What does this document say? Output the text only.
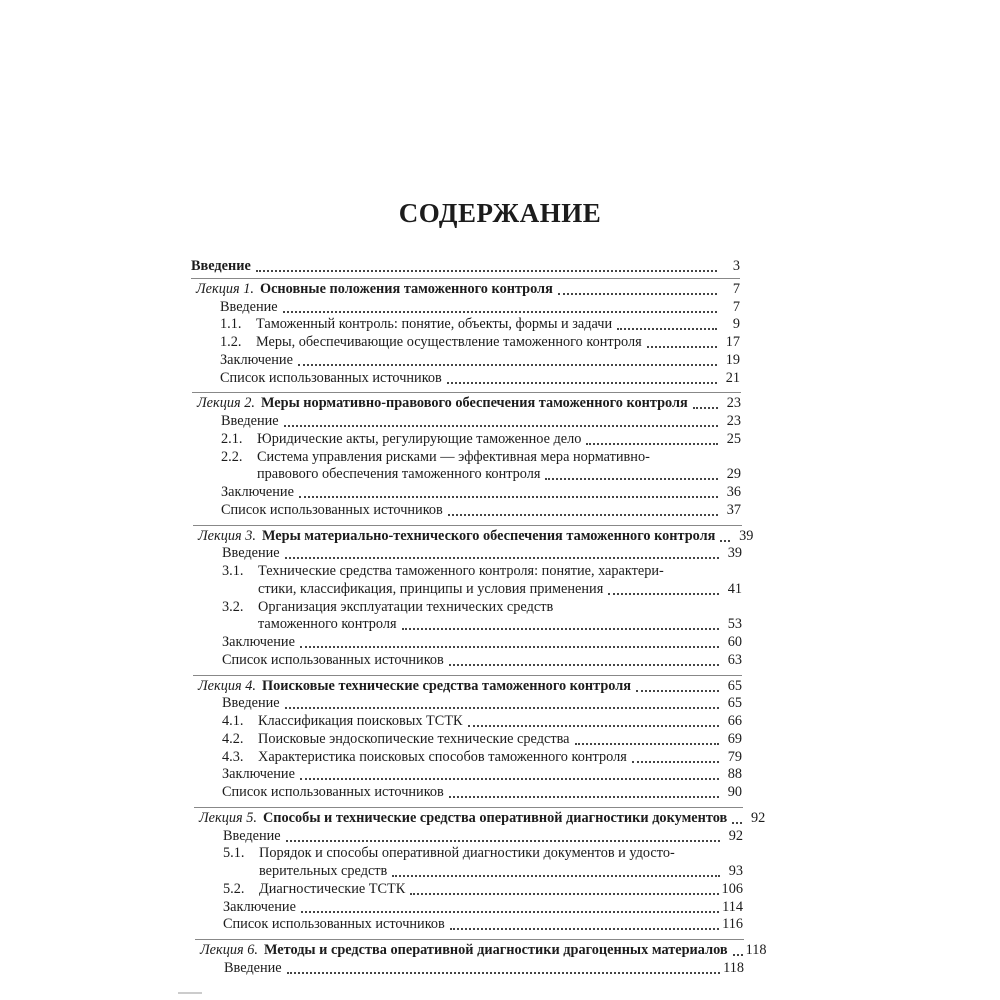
СОДЕРЖАНИЕ
Введение	3
Лекция 1. Основные положения таможенного контроля	7
Введение	7
1.1.	Таможенный контроль: понятие, объекты, формы и задачи	9
1.2.	Меры, обеспечивающие осуществление таможенного контроля	17
Заключение	19
Список использованных источников	21
Лекция 2. Меры нормативно-правового обеспечения таможенного контроля	23
Введение	23
2.1.	Юридические акты, регулирующие таможенное дело	25
2.2. Система управления рисками — эффективная мера нормативно-
правового обеспечения таможенного контроля	29
Заключение	36
Список использованных источников	37
Лекция 3. Меры материально-технического обеспечения таможенного контроля	39
Введение	39
3.1. Технические средства таможенного контроля: понятие, характери-
стики, классификация, принципы и условия применения	41
3.2. Организация эксплуатации технических средств
таможенного контроля	53
Заключение	60
Список использованных источников	63
Лекция 4. Поисковые технические средства таможенного контроля	65
Введение	65
4.1.	Классификация поисковых ТСТК	66
4.2.	Поисковые эндоскопические технические средства	69
4.3.	Характеристика поисковых способов таможенного контроля	79
Заключение	88
Список использованных источников	90
Лекция 5. Способы и технические средства оперативной диагностики документов	92
Введение	92
5.1. Порядок и способы оперативной диагностики документов и удосто-
верительных средств	93
5.2.	Диагностические ТСТК	106
Заключение	114
Список использованных источников	116
Лекция 6. Методы и средства оперативной диагностики драгоценных материалов 118
Введение	118
